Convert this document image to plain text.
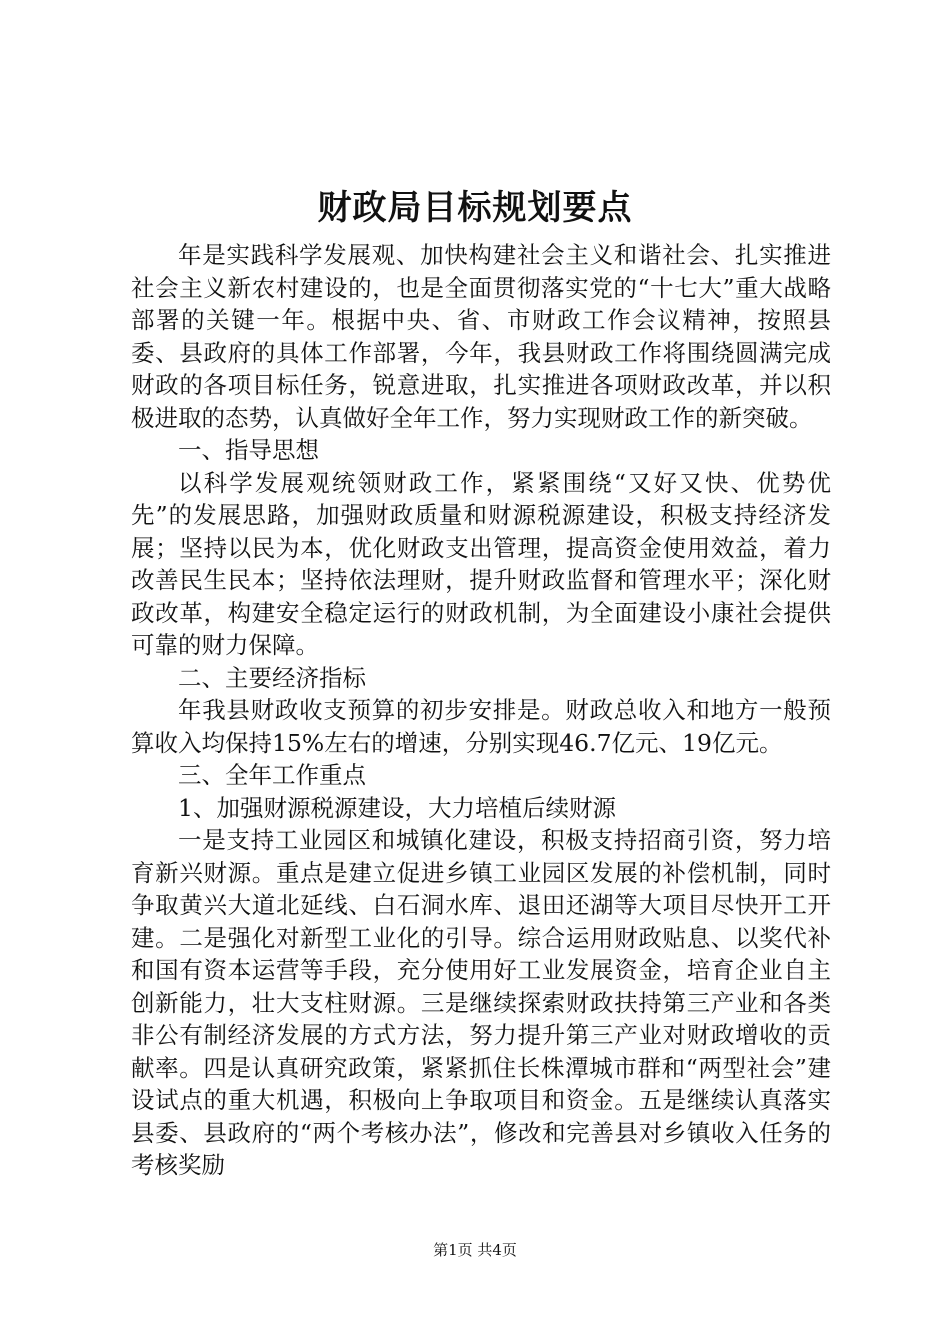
财政局目标规划要点

年是实践科学发展观、加快构建社会主义和谐社会、扎实推进社会主义新农村建设的，也是全面贯彻落实党的“十七大”重大战略部署的关键一年。根据中央、省、市财政工作会议精神，按照县委、县政府的具体工作部署，今年，我县财政工作将围绕圆满完成财政的各项目标任务，锐意进取，扎实推进各项财政改革，并以积极进取的态势，认真做好全年工作，努力实现财政工作的新突破。

一、指导思想

以科学发展观统领财政工作，紧紧围绕“又好又快、优势优先”的发展思路，加强财政质量和财源税源建设，积极支持经济发展；坚持以民为本，优化财政支出管理，提高资金使用效益，着力改善民生民本；坚持依法理财，提升财政监督和管理水平；深化财政改革，构建安全稳定运行的财政机制，为全面建设小康社会提供可靠的财力保障。

二、主要经济指标

年我县财政收支预算的初步安排是。财政总收入和地方一般预算收入均保持15%左右的增速，分别实现46.7亿元、19亿元。

三、全年工作重点

1、加强财源税源建设，大力培植后续财源

一是支持工业园区和城镇化建设，积极支持招商引资，努力培育新兴财源。重点是建立促进乡镇工业园区发展的补偿机制，同时争取黄兴大道北延线、白石洞水库、退田还湖等大项目尽快开工开建。二是强化对新型工业化的引导。综合运用财政贴息、以奖代补和国有资本运营等手段，充分使用好工业发展资金，培育企业自主创新能力，壮大支柱财源。三是继续探索财政扶持第三产业和各类非公有制经济发展的方式方法，努力提升第三产业对财政增收的贡献率。四是认真研究政策，紧紧抓住长株潭城市群和“两型社会”建设试点的重大机遇，积极向上争取项目和资金。五是继续认真落实县委、县政府的“两个考核办法”，修改和完善县对乡镇收入任务的考核奖励

第1页 共4页
